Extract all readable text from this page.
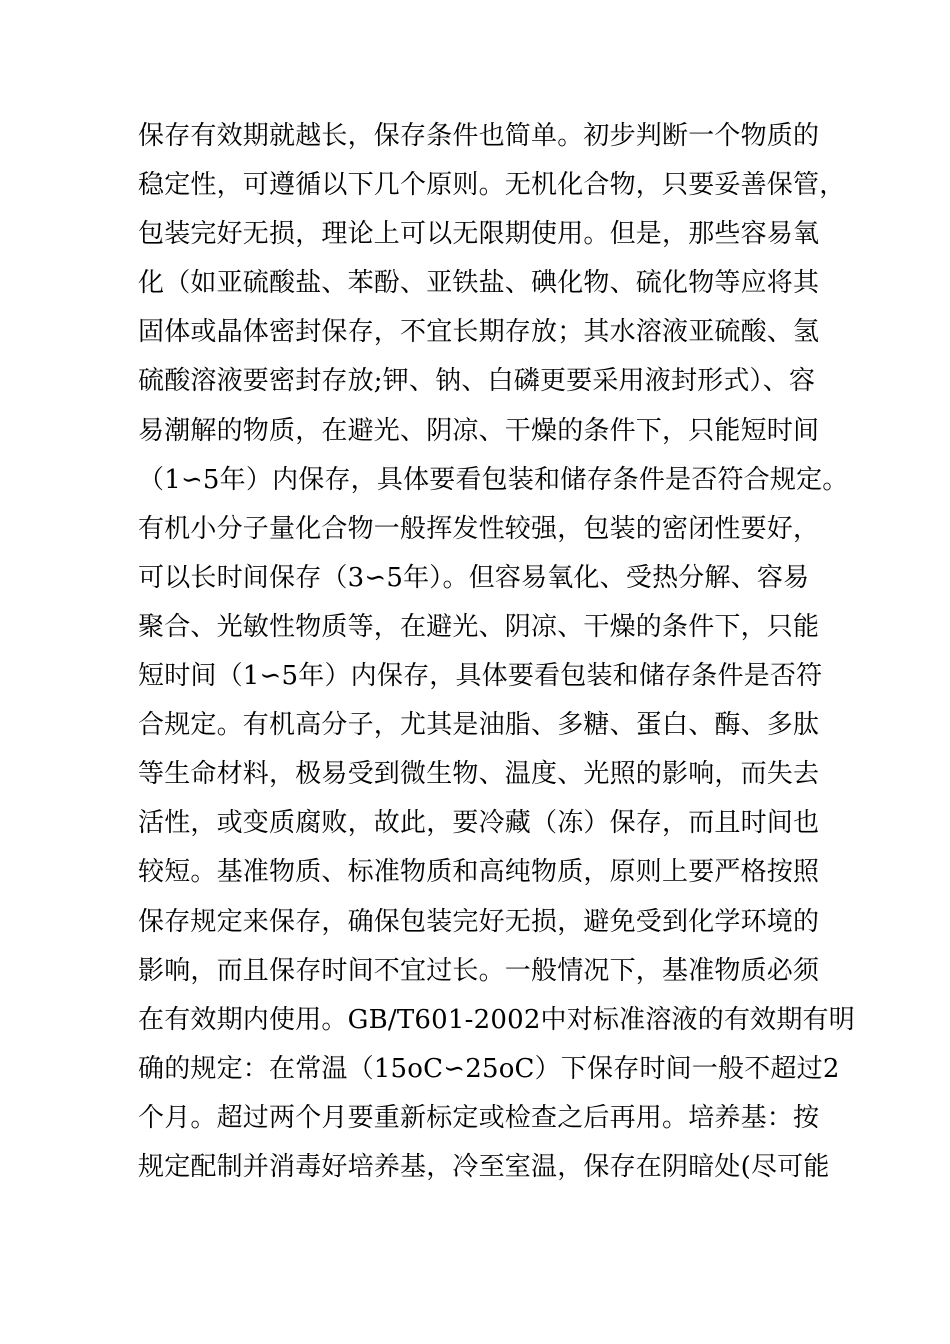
保存有效期就越长，保存条件也简单。初步判断一个物质的
稳定性，可遵循以下几个原则。无机化合物，只要妥善保管，
包装完好无损，理论上可以无限期使用。但是，那些容易氧
化（如亚硫酸盐、苯酚、亚铁盐、碘化物、硫化物等应将其
固体或晶体密封保存，不宜长期存放；其水溶液亚硫酸、氢
硫酸溶液要密封存放;钾、钠、白磷更要采用液封形式）、容
易潮解的物质，在避光、阴凉、干燥的条件下，只能短时间
（1∽5年）内保存，具体要看包装和储存条件是否符合规定。
有机小分子量化合物一般挥发性较强，包装的密闭性要好，
可以长时间保存（3∽5年）。但容易氧化、受热分解、容易
聚合、光敏性物质等，在避光、阴凉、干燥的条件下，只能
短时间（1∽5年）内保存，具体要看包装和储存条件是否符
合规定。有机高分子，尤其是油脂、多糖、蛋白、酶、多肽
等生命材料，极易受到微生物、温度、光照的影响，而失去
活性，或变质腐败，故此，要冷藏（冻）保存，而且时间也
较短。基准物质、标准物质和高纯物质，原则上要严格按照
保存规定来保存，确保包装完好无损，避免受到化学环境的
影响，而且保存时间不宜过长。一般情况下，基准物质必须
在有效期内使用。GB/T601-2002中对标准溶液的有效期有明
确的规定：在常温（15oC∽25oC）下保存时间一般不超过2
个月。超过两个月要重新标定或检查之后再用。培养基：按
规定配制并消毒好培养基，冷至室温，保存在阴暗处(尽可能
